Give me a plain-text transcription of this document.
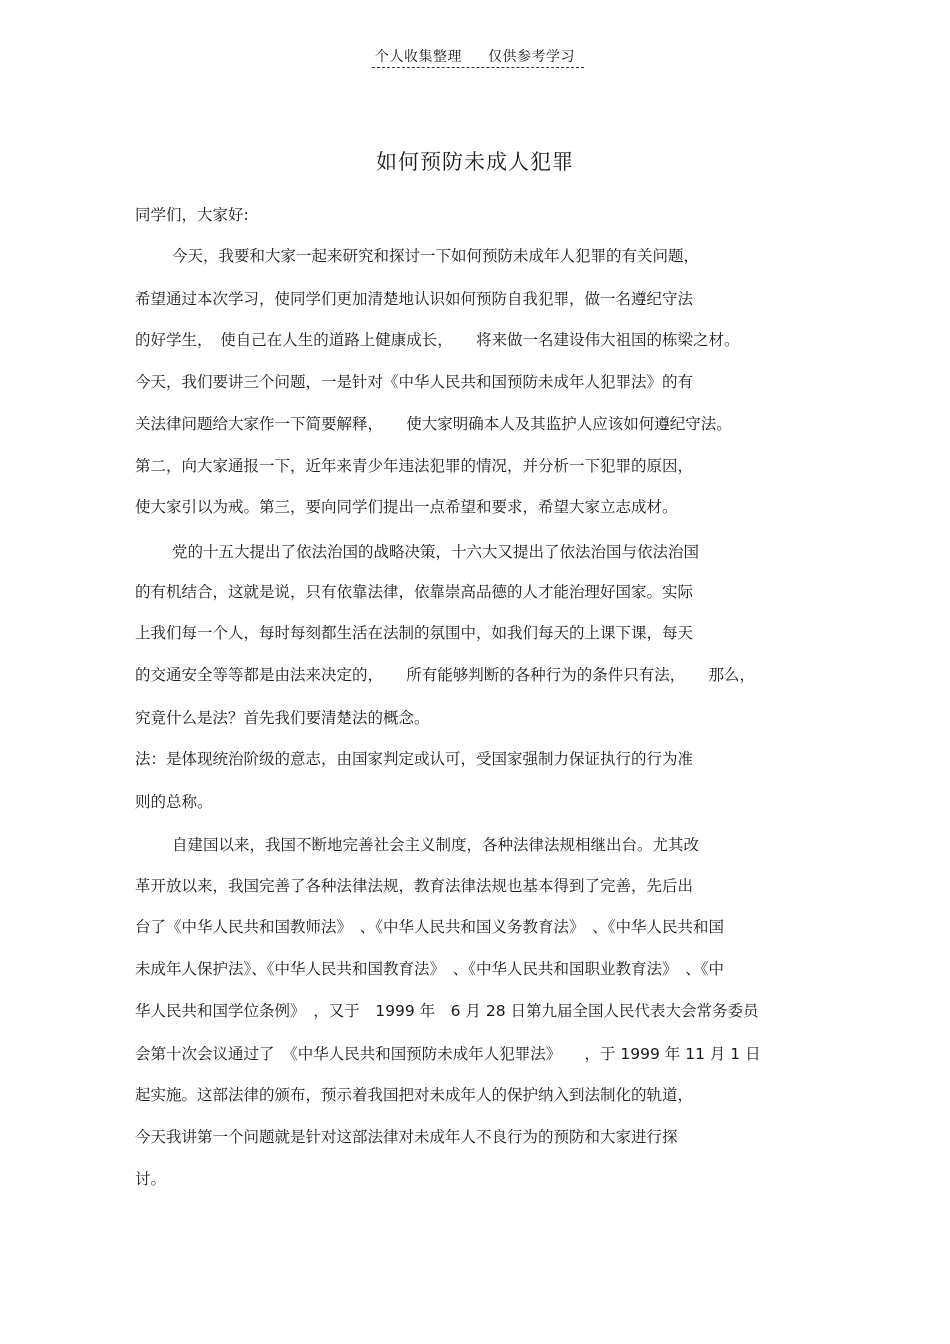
个人收集整理 仅供参考学习
如何预防未成人犯罪
同学们，大家好:
今天，我要和大家一起来研究和探讨一下如何预防未成年人犯罪的有关问题，
希望通过本次学习，使同学们更加清楚地认识如何预防自我犯罪，做一名遵纪守法
的好学生，　使自己在人生的道路上健康成长，　　将来做一名建设伟大祖国的栋梁之材。
今天，我们要讲三个问题，一是针对《中华人民共和国预防未成年人犯罪法》的有
关法律问题给大家作一下简要解释，　　使大家明确本人及其监护人应该如何遵纪守法。
第二，向大家通报一下，近年来青少年违法犯罪的情况，并分析一下犯罪的原因，
使大家引以为戒。第三，要向同学们提出一点希望和要求，希望大家立志成材。
党的十五大提出了依法治国的战略决策，十六大又提出了依法治国与依法治国
的有机结合，这就是说，只有依靠法律，依靠崇高品德的人才能治理好国家。实际
上我们每一个人，每时每刻都生活在法制的氛围中，如我们每天的上课下课，每天
的交通安全等等都是由法来决定的，　　所有能够判断的各种行为的条件只有法，　　那么，
究竟什么是法？首先我们要清楚法的概念。
法：是体现统治阶级的意志，由国家判定或认可，受国家强制力保证执行的行为准
则的总称。
自建国以来，我国不断地完善社会主义制度，各种法律法规相继出台。尤其改
革开放以来，我国完善了各种法律法规，教育法律法规也基本得到了完善，先后出
台了《中华人民共和国教师法》　、《中华人民共和国义务教育法》　、《中华人民共和国
未成年人保护法》、《中华人民共和国教育法》　、《中华人民共和国职业教育法》　、《中
华人民共和国学位条例》　，又于　1999 年　6 月 28 日第九届全国人民代表大会常务委员
会第十次会议通过了　《中华人民共和国预防未成年人犯罪法》　　，于 1999 年 11 月 1 日
起实施。这部法律的颁布，预示着我国把对未成年人的保护纳入到法制化的轨道，
今天我讲第一个问题就是针对这部法律对未成年人不良行为的预防和大家进行探
讨。
